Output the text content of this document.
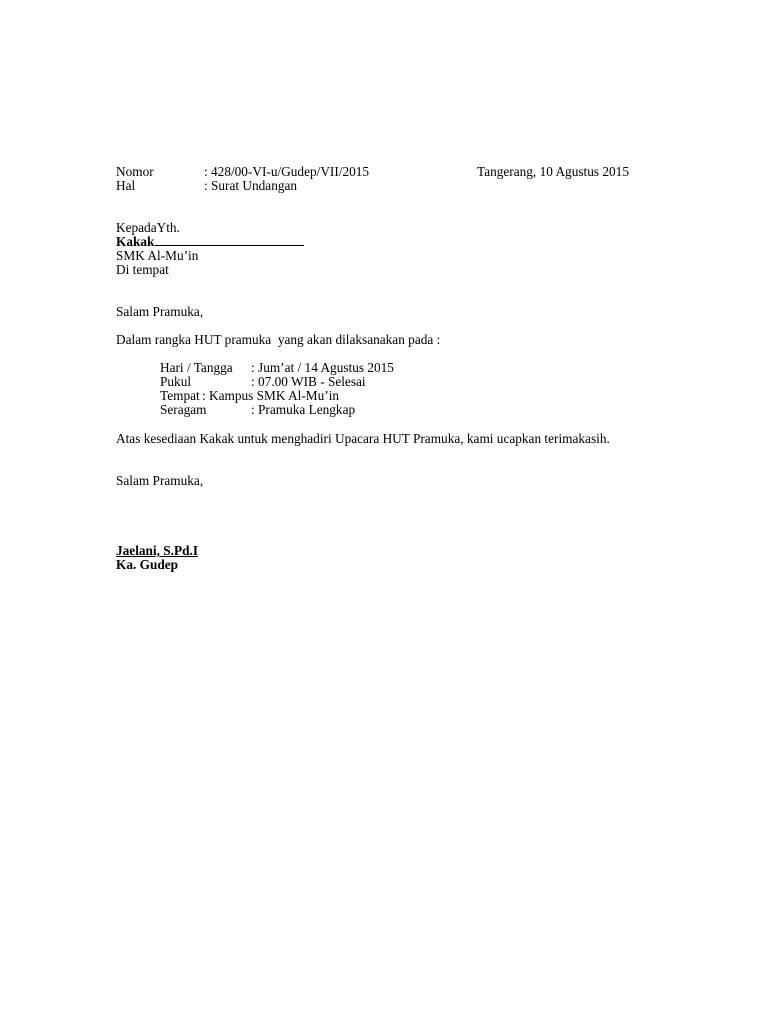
Nomor	: 428/00-VI-u/Gudep/VII/2015	Tangerang, 10 Agustus 2015
Hal	: Surat Undangan
KepadaYth.
Kakak
SMK Al-Mu’in
Di tempat
Salam Pramuka,
Dalam rangka HUT pramuka  yang akan dilaksanakan pada :
Hari / Tangga : Jum’at / 14 Agustus 2015
Pukul	: 07.00 WIB - Selesai
Tempat : Kampus SMK Al-Mu’in
Seragam	: Pramuka Lengkap
Atas kesediaan Kakak untuk menghadiri Upacara HUT Pramuka, kami ucapkan terimakasih.
Salam Pramuka,
Jaelani, S.Pd.I
Ka. Gudep
